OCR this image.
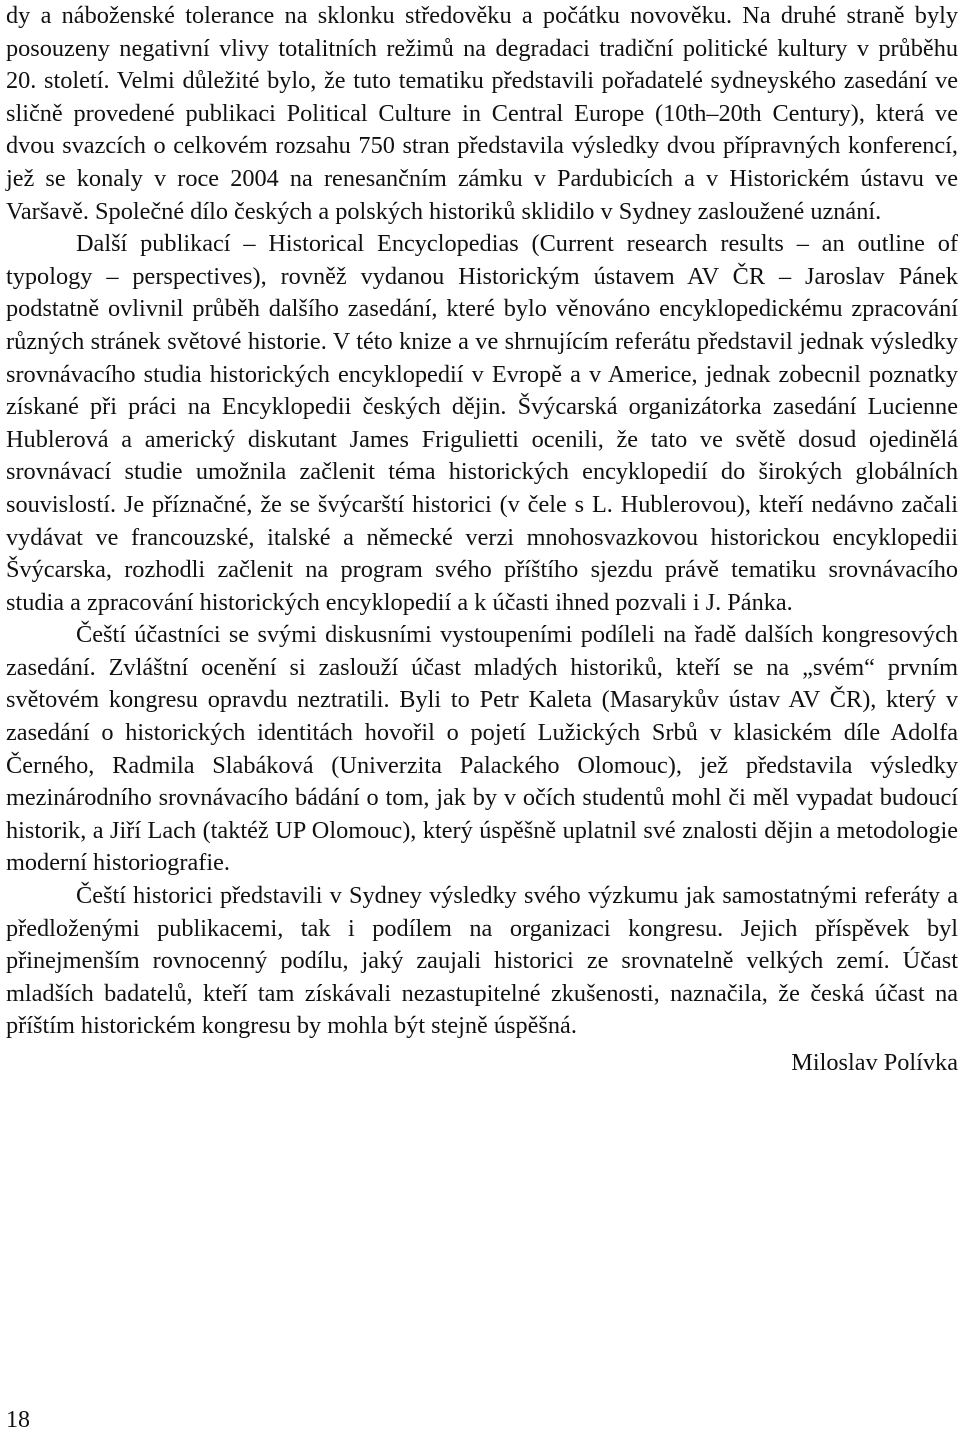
dy a náboženské tolerance na sklonku středověku a počátku novověku. Na druhé straně byly posouzeny negativní vlivy totalitních režimů na degradaci tradiční politické kultury v průběhu 20. století. Velmi důležité bylo, že tuto tematiku představili pořadatelé sydneyského zasedání ve sličně provedené publikaci Political Culture in Central Europe (10th–20th Century), která ve dvou svazcích o celkovém rozsahu 750 stran představila výsledky dvou přípravných konferencí, jež se konaly v roce 2004 na renesančním zámku v Pardubicích a v Historickém ústavu ve Varšavě. Společné dílo českých a polských historiků sklidilo v Sydney zasloužené uznání.

Další publikací – Historical Encyclopedias (Current research results – an outline of typology – perspectives), rovněž vydanou Historickým ústavem AV ČR – Jaroslav Pánek podstatně ovlivnil průběh dalšího zasedání, které bylo věnováno encyklopedickému zpracování různých stránek světové historie. V této knize a ve shrnujícím referátu představil jednak výsledky srovnávacího studia historických encyklopedií v Evropě a v Americe, jednak zobecnil poznatky získané při práci na Encyklopedii českých dějin. Švýcarská organizátorka zasedání Lucienne Hublerová a americký diskutant James Frigulietti ocenili, že tato ve světě dosud ojedinělá srovnávací studie umožnila začlenit téma historických encyklopedií do širokých globálních souvislostí. Je příznačné, že se švýcarští historici (v čele s L. Hublerovou), kteří nedávno začali vydávat ve francouzské, italské a německé verzi mnohosvazkovou historickou encyklopedii Švýcarska, rozhodli začlenit na program svého příštího sjezdu právě tematiku srovnávacího studia a zpracování historických encyklopedií a k účasti ihned pozvali i J. Pánka.

Čeští účastníci se svými diskusními vystoupeními podíleli na řadě dalších kongresových zasedání. Zvláštní ocenění si zaslouží účast mladých historiků, kteří se na „svém“ prvním světovém kongresu opravdu neztratili. Byli to Petr Kaleta (Masarykův ústav AV ČR), který v zasedání o historických identitách hovořil o pojetí Lužických Srbů v klasickém díle Adolfa Černého, Radmila Slabáková (Univerzita Palackého Olomouc), jež představila výsledky mezinárodního srovnávacího bádání o tom, jak by v očích studentů mohl či měl vypadat budoucí historik, a Jiří Lach (taktéž UP Olomouc), který úspěšně uplatnil své znalosti dějin a metodologie moderní historiografie.

Čeští historici představili v Sydney výsledky svého výzkumu jak samostatnými referáty a předloženými publikacemi, tak i podílem na organizaci kongresu. Jejich příspěvek byl přinejmenším rovnocenný podílu, jaký zaujali historici ze srovnatelně velkých zemí. Účast mladších badatelů, kteří tam získávali nezastupitelné zkušenosti, naznačila, že česká účast na příštím historickém kongresu by mohla být stejně úspěšná.

Miloslav Polívka
18
